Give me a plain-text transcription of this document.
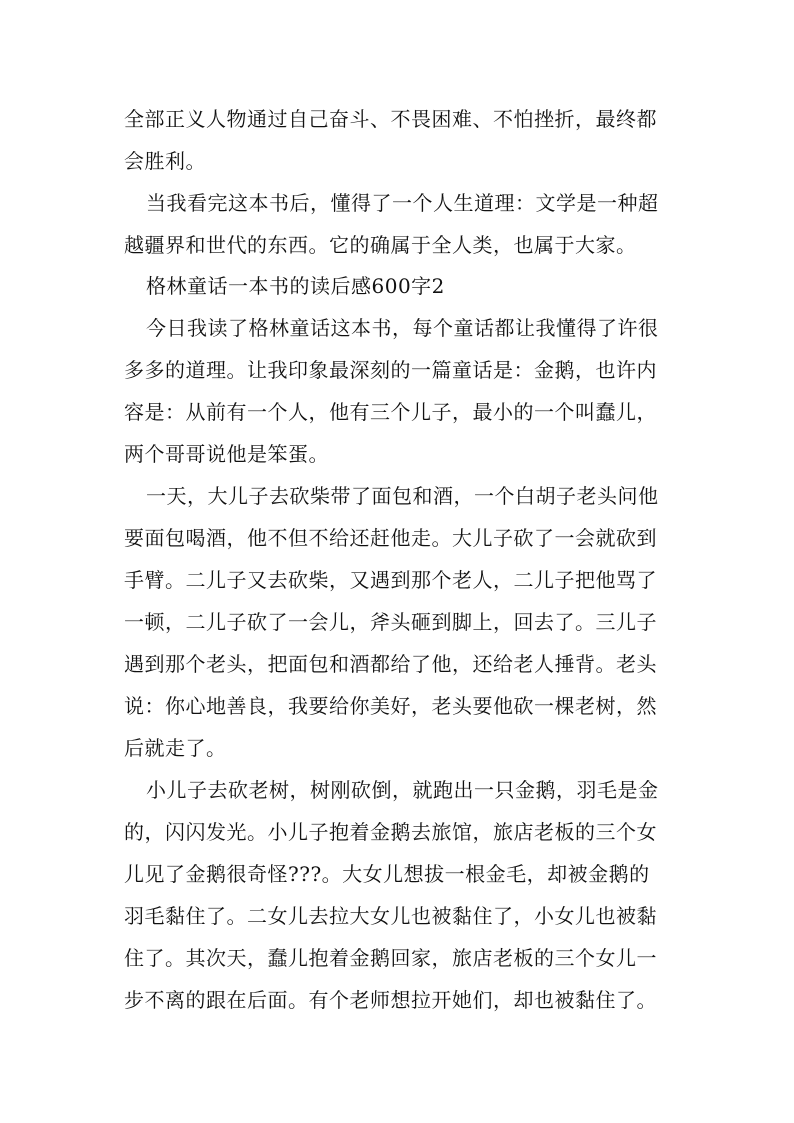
全部正义人物通过自己奋斗、不畏困难、不怕挫折，最终都
会胜利。
当我看完这本书后，懂得了一个人生道理：文学是一种超
越疆界和世代的东西。它的确属于全人类，也属于大家。
格林童话一本书的读后感600字2
今日我读了格林童话这本书，每个童话都让我懂得了许很
多多的道理。让我印象最深刻的一篇童话是：金鹅，也许内
容是：从前有一个人，他有三个儿子，最小的一个叫蠢儿，
两个哥哥说他是笨蛋。
一天，大儿子去砍柴带了面包和酒，一个白胡子老头问他
要面包喝酒，他不但不给还赶他走。大儿子砍了一会就砍到
手臂。二儿子又去砍柴，又遇到那个老人，二儿子把他骂了
一顿，二儿子砍了一会儿，斧头砸到脚上，回去了。三儿子
遇到那个老头，把面包和酒都给了他，还给老人捶背。老头
说：你心地善良，我要给你美好，老头要他砍一棵老树，然
后就走了。
小儿子去砍老树，树刚砍倒，就跑出一只金鹅，羽毛是金
的，闪闪发光。小儿子抱着金鹅去旅馆，旅店老板的三个女
儿见了金鹅很奇怪???。大女儿想拔一根金毛，却被金鹅的
羽毛黏住了。二女儿去拉大女儿也被黏住了，小女儿也被黏
住了。其次天，蠢儿抱着金鹅回家，旅店老板的三个女儿一
步不离的跟在后面。有个老师想拉开她们，却也被黏住了。
